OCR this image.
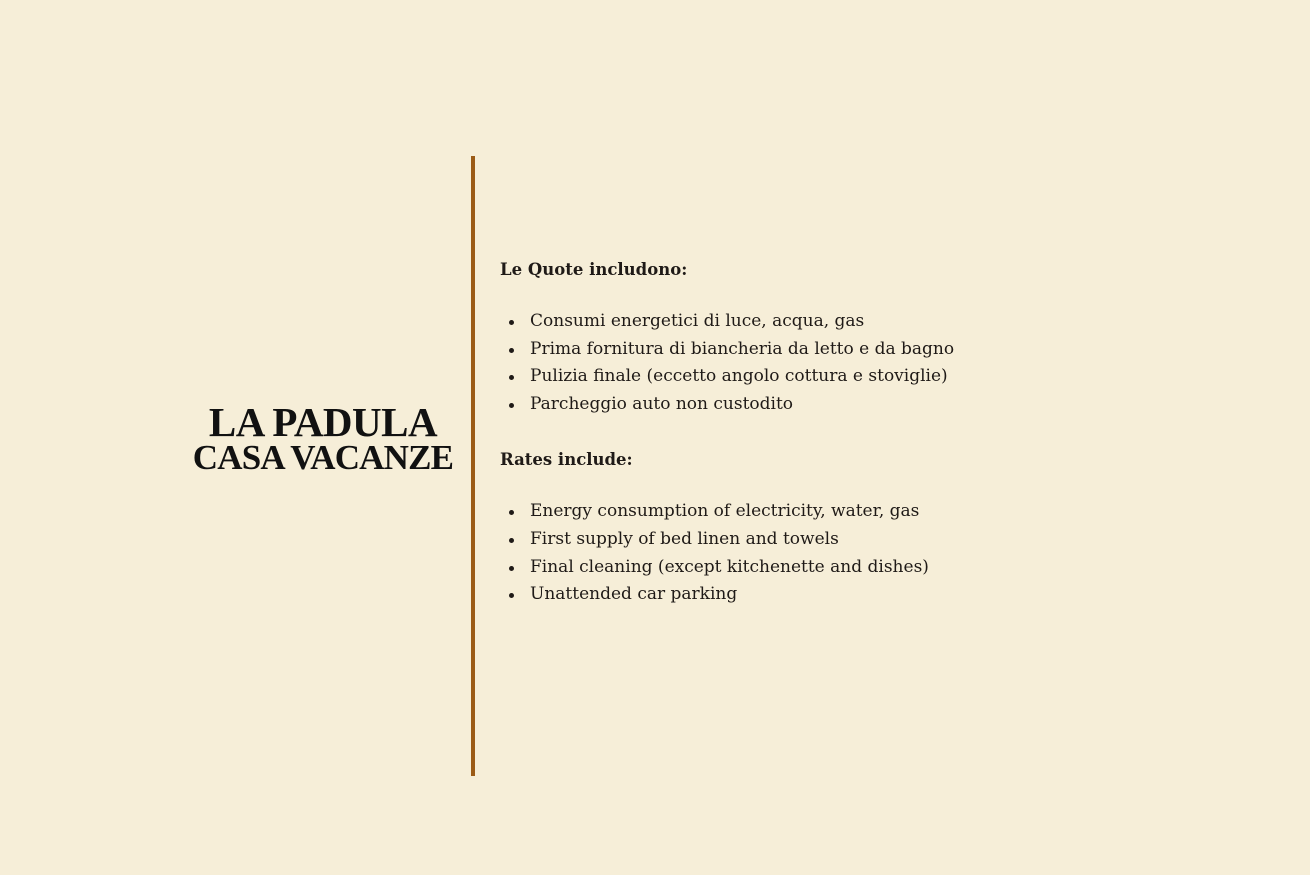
LA PADULA
CASA VACANZE
Le Quote includono:
Consumi energetici di luce, acqua, gas
Prima fornitura di biancheria da letto e da bagno
Pulizia finale (eccetto angolo cottura e stoviglie)
Parcheggio auto non custodito
Rates include:
Energy consumption of electricity, water, gas
First supply of bed linen and towels
Final cleaning (except kitchenette and dishes)
Unattended car parking
